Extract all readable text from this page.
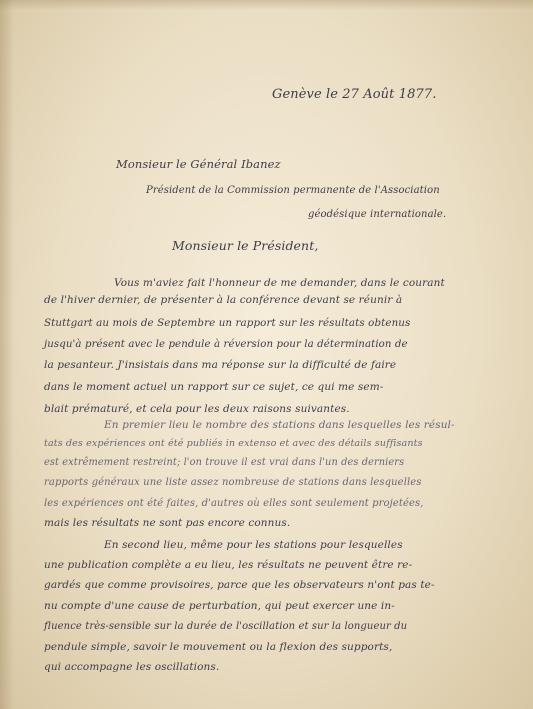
Genève le 27 Août 1877.

Monsieur le Général Ibanez

Président de la Commission permanente de l'Association

géodésique internationale.

Monsieur le Président,

Vous m'aviez fait l'honneur de me demander, dans le courant

de l'hiver dernier, de présenter à la conférence devant se réunir à

Stuttgart au mois de Septembre un rapport sur les résultats obtenus

jusqu'à présent avec le pendule à réversion pour la détermination de

la pesanteur. J'insistais dans ma réponse sur la difficulté de faire

dans le moment actuel un rapport sur ce sujet, ce qui me sem-

blait prématuré, et cela pour les deux raisons suivantes.

En premier lieu le nombre des stations dans lesquelles les résul-

tats des expériences ont été publiés in extenso et avec des détails suffisants

est extrêmement restreint; l'on trouve il est vrai dans l'un des derniers

rapports généraux une liste assez nombreuse de stations dans lesquelles

les expériences ont été faites, d'autres où elles sont seulement projetées,

mais les résultats ne sont pas encore connus.

En second lieu, même pour les stations pour lesquelles

une publication complète a eu lieu, les résultats ne peuvent être re-

gardés que comme provisoires, parce que les observateurs n'ont pas te-

nu compte d'une cause de perturbation, qui peut exercer une in-

fluence très-sensible sur la durée de l'oscillation et sur la longueur du

pendule simple, savoir le mouvement ou la flexion des supports,

qui accompagne les oscillations.
